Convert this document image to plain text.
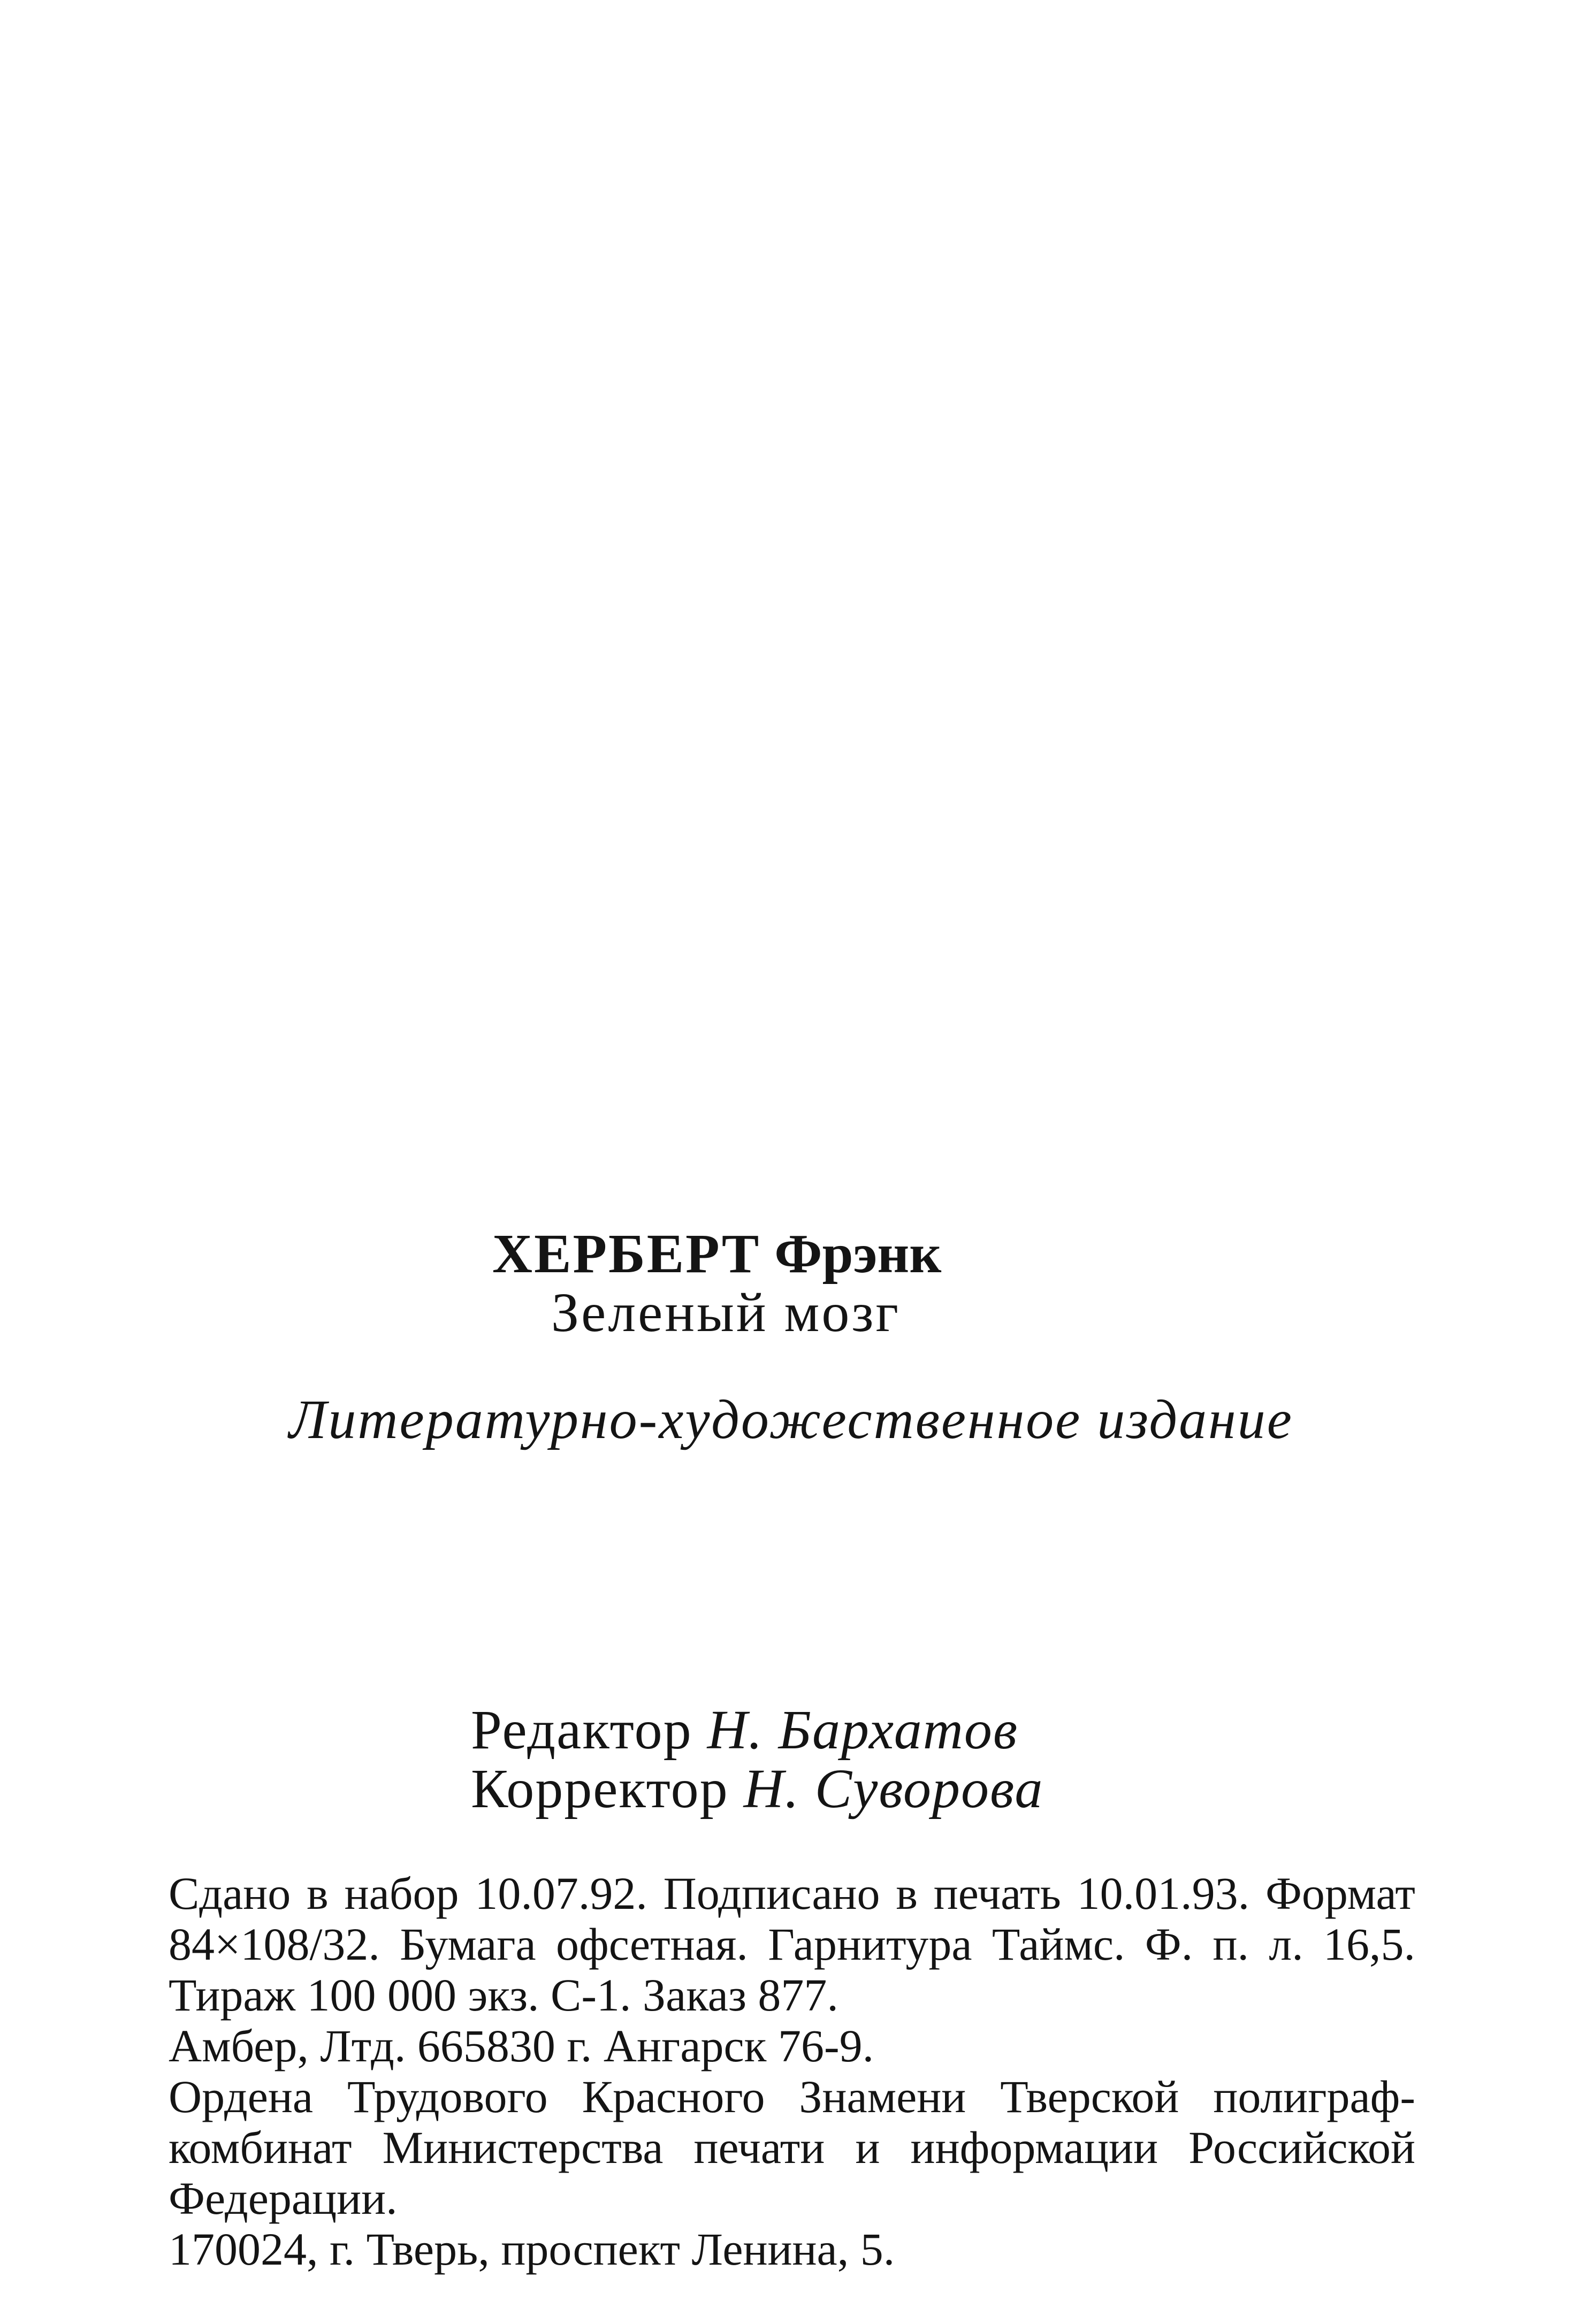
ХЕРБЕРТ Фрэнк
Зеленый мозг
Литературно-художественное издание
Редактор Н. Бархатов
Корректор Н. Суворова
Сдано в набор 10.07.92. Подписано в печать 10.01.93. Формат
84×108/32. Бумага офсетная. Гарнитура Таймс. Ф. п. л. 16,5.
Тираж 100 000 экз. С-1. Заказ 877.
Амбер, Лтд. 665830 г. Ангарск 76-9.
Ордена Трудового Красного Знамени Тверской полиграф-
комбинат Министерства печати и информации Российской
Федерации.
170024, г. Тверь, проспект Ленина, 5.
